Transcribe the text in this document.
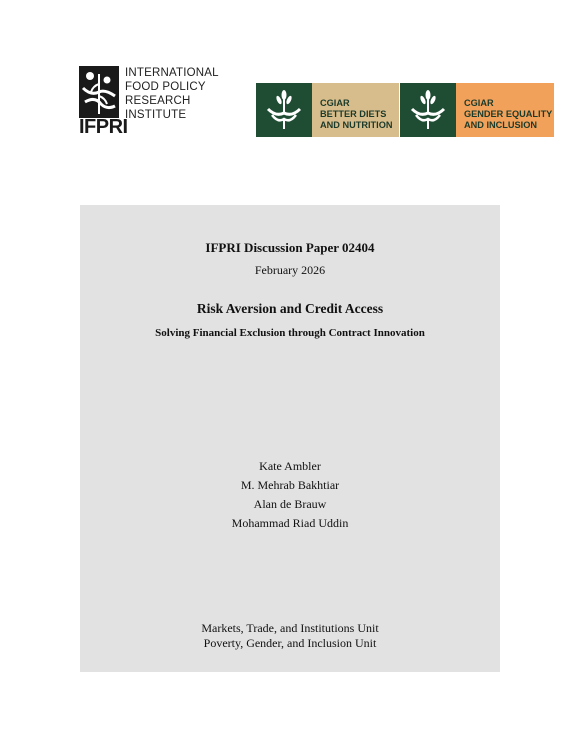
IFPRI
INTERNATIONAL
FOOD POLICY
RESEARCH
INSTITUTE
CGIAR
BETTER DIETS
AND NUTRITION
CGIAR
GENDER EQUALITY
AND INCLUSION
IFPRI Discussion Paper 02404
February 2026
Risk Aversion and Credit Access
Solving Financial Exclusion through Contract Innovation
Kate Ambler
M. Mehrab Bakhtiar
Alan de Brauw
Mohammad Riad Uddin
Markets, Trade, and Institutions Unit
Poverty, Gender, and Inclusion Unit
